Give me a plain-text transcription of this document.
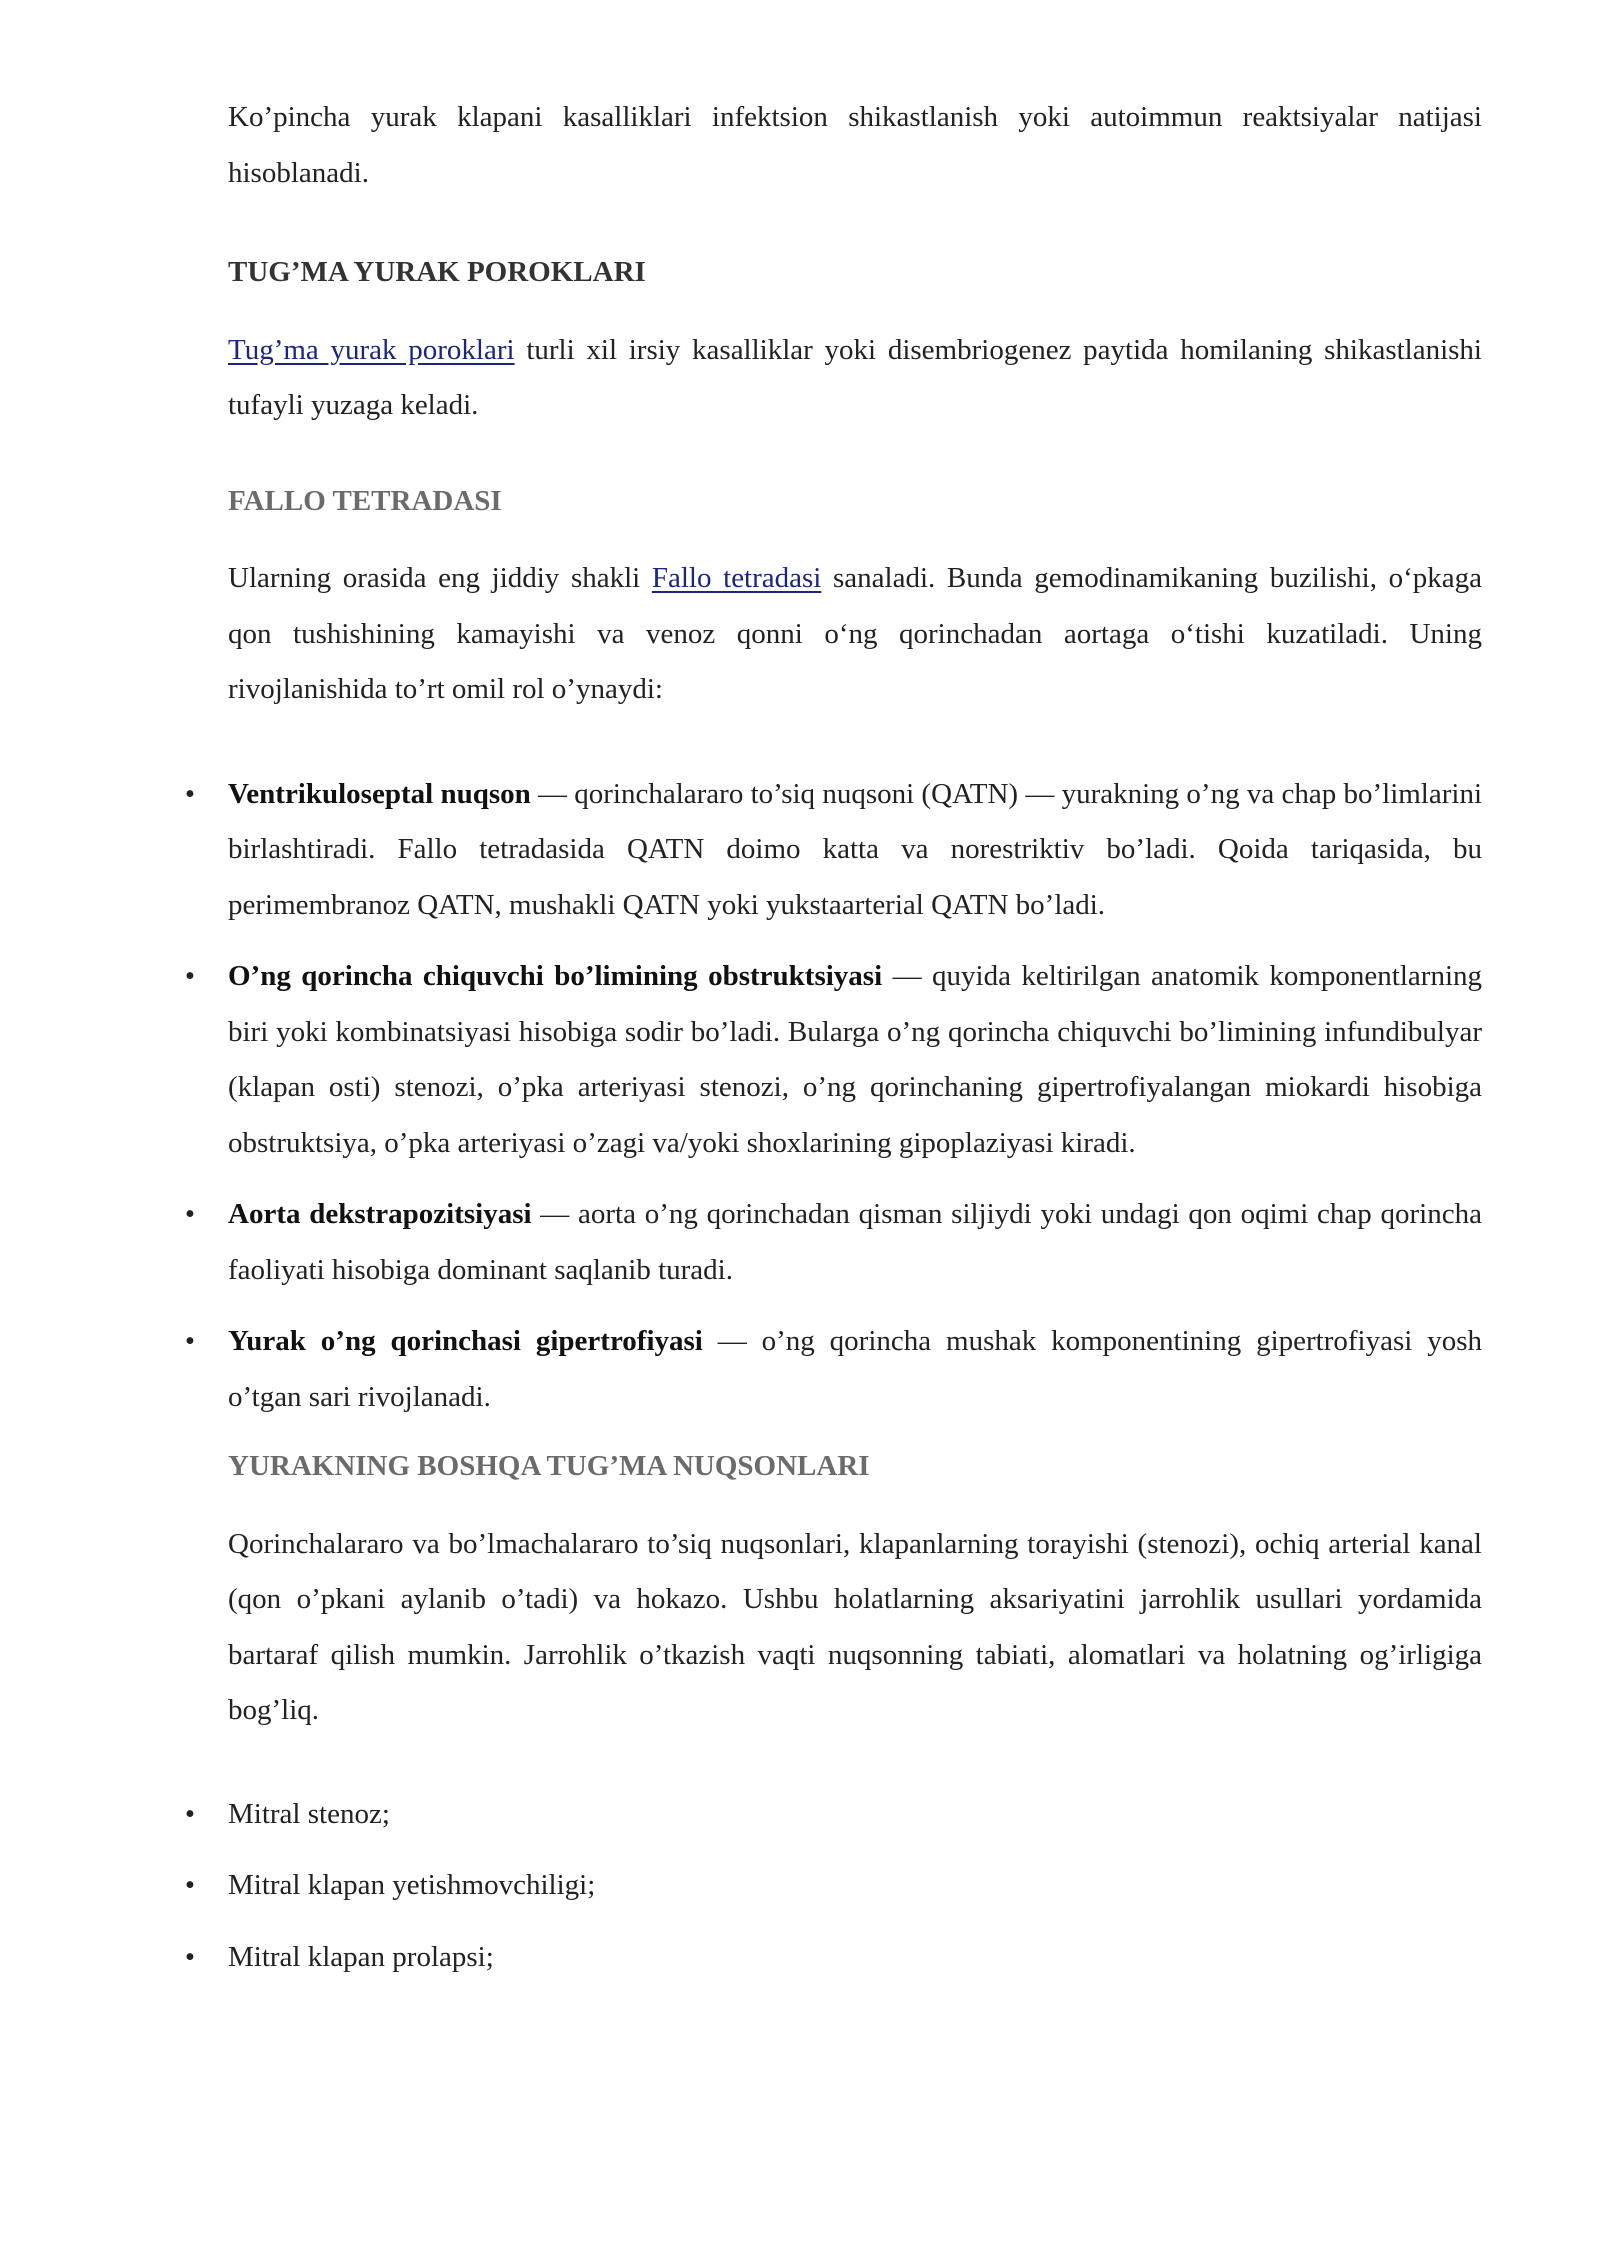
Ko’pincha yurak klapani kasalliklari infektsion shikastlanish yoki autoimmun reaktsiyalar natijasi hisoblanadi.

TUG’MA YURAK POROKLARI

Tug’ma yurak poroklari turli xil irsiy kasalliklar yoki disembriogenez paytida homilaning shikastlanishi tufayli yuzaga keladi.

FALLO TETRADASI

Ularning orasida eng jiddiy shakli Fallo tetradasi sanaladi. Bunda gemodinamikaning buzilishi, o‘pkaga qon tushishining kamayishi va venoz qonni o‘ng qorinchadan aortaga o‘tishi kuzatiladi. Uning rivojlanishida to’rt omil rol o’ynaydi:

• Ventrikuloseptal nuqson — qorinchalararo to’siq nuqsoni (QATN) — yurakning o’ng va chap bo’limlarini birlashtiradi. Fallo tetradasida QATN doimo katta va norestriktiv bo’ladi. Qoida tariqasida, bu perimembranoz QATN, mushakli QATN yoki yukstaarterial QATN bo’ladi.
• O’ng qorincha chiquvchi bo’limining obstruktsiyasi — quyida keltirilgan anatomik komponentlarning biri yoki kombinatsiyasi hisobiga sodir bo’ladi. Bularga o’ng qorincha chiquvchi bo’limining infundibulyar (klapan osti) stenozi, o’pka arteriyasi stenozi, o’ng qorinchaning gipertrofiyalangan miokardi hisobiga obstruktsiya, o’pka arteriyasi o’zagi va/yoki shoxlarining gipoplaziyasi kiradi.
• Aorta dekstrapozitsiyasi — aorta o’ng qorinchadan qisman siljiydi yoki undagi qon oqimi chap qorincha faoliyati hisobiga dominant saqlanib turadi.
• Yurak o’ng qorinchasi gipertrofiyasi — o’ng qorincha mushak komponentining gipertrofiyasi yosh o’tgan sari rivojlanadi.

YURAKNING BOSHQA TUG’MA NUQSONLARI

Qorinchalararo va bo’lmachalararo to’siq nuqsonlari, klapanlarning torayishi (stenozi), ochiq arterial kanal (qon o’pkani aylanib o’tadi) va hokazo. Ushbu holatlarning aksariyatini jarrohlik usullari yordamida bartaraf qilish mumkin. Jarrohlik o’tkazish vaqti nuqsonning tabiati, alomatlari va holatning og’irligiga bog’liq.

• Mitral stenoz;
• Mitral klapan yetishmovchiligi;
• Mitral klapan prolapsi;
